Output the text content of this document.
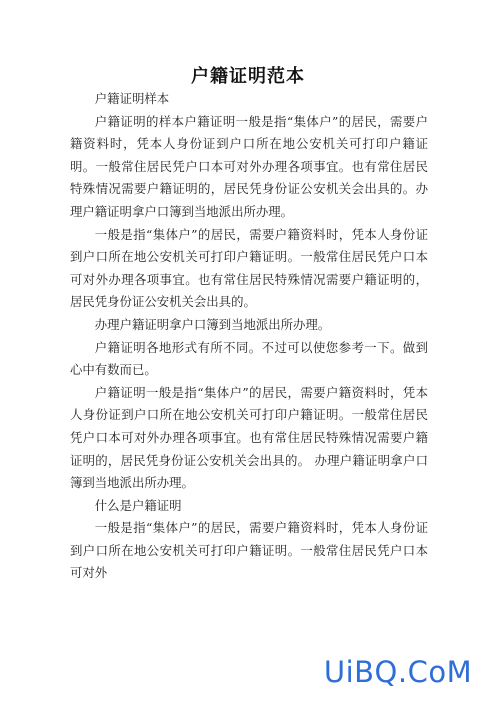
户籍证明范本

户籍证明样本

户籍证明的样本户籍证明一般是指“集体户”的居民，需要户籍资料时，凭本人身份证到户口所在地公安机关可打印户籍证明。一般常住居民凭户口本可对外办理各项事宜。也有常住居民特殊情况需要户籍证明的，居民凭身份证公安机关会出具的。办理户籍证明拿户口簿到当地派出所办理。

一般是指“集体户”的居民，需要户籍资料时，凭本人身份证到户口所在地公安机关可打印户籍证明。一般常住居民凭户口本可对外办理各项事宜。也有常住居民特殊情况需要户籍证明的，居民凭身份证公安机关会出具的。

办理户籍证明拿户口簿到当地派出所办理。

户籍证明各地形式有所不同。不过可以使您参考一下。做到心中有数而已。

户籍证明一般是指“集体户”的居民，需要户籍资料时，凭本人身份证到户口所在地公安机关可打印户籍证明。一般常住居民凭户口本可对外办理各项事宜。也有常住居民特殊情况需要户籍证明的，居民凭身份证公安机关会出具的。 办理户籍证明拿户口簿到当地派出所办理。

什么是户籍证明

一般是指“集体户”的居民，需要户籍资料时，凭本人身份证到户口所在地公安机关可打印户籍证明。一般常住居民凭户口本可对外

UiBQ.CoM
